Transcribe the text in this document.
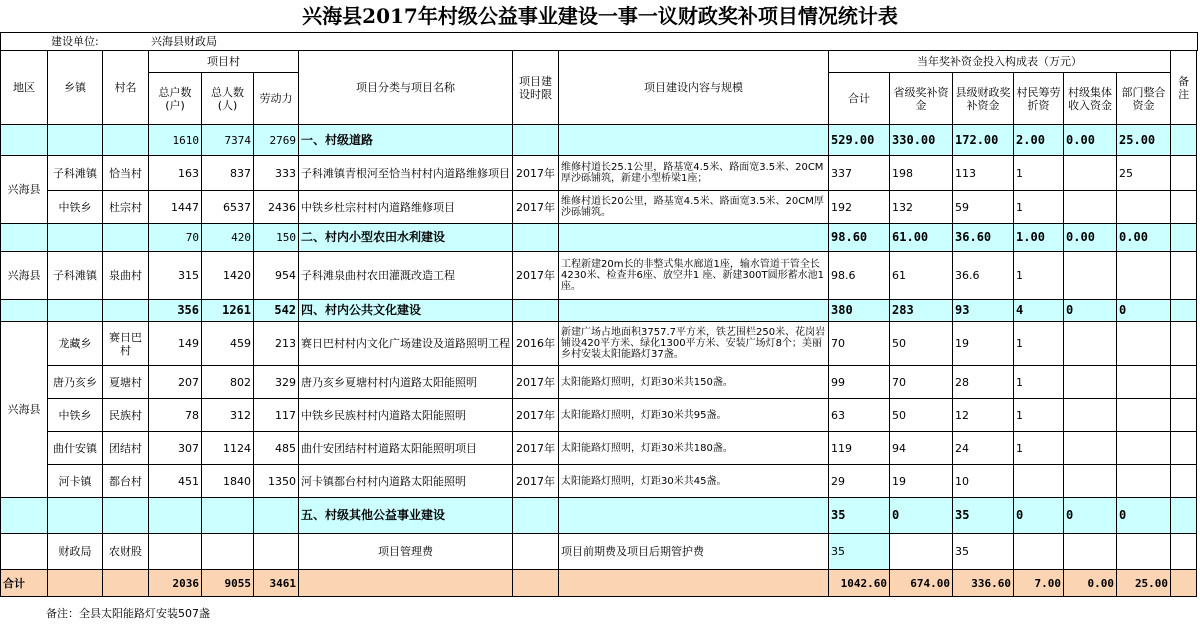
兴海县2017年村级公益事业建设一事一议财政奖补项目情况统计表
建设单位:	兴海县财政局
地区	乡镇	村名	项目村			项目分类与项目名称	项目建设时限	项目建设内容与规模	当年奖补资金投入构成表（万元）						备注
			总户数(户)	总人数(人)	劳动力				合计	省级奖补资金	县级财政奖补资金	村民筹劳折资	村级集体收入资金	部门整合资金	

			1610	7374	2769	一、村级道路			529.00	330.00	172.00	2.00	0.00	25.00	
兴海县	子科滩镇	恰当村	163	837	333	子科滩镇青根河至恰当村村内道路维修项目	2017年	维修村道长25.1公里，路基宽4.5米、路面宽3.5米、20CM厚沙砾铺筑，新建小型桥梁1座；	337	198	113	1		25	
	中铁乡	杜宗村	1447	6537	2436	中铁乡杜宗村村内道路维修项目	2017年	维修村道长20公里，路基宽4.5米、路面宽3.5米、20CM厚沙砾铺筑。	192	132	59	1			
			70	420	150	二、村内小型农田水利建设			98.60	61.00	36.60	1.00	0.00	0.00	
兴海县	子科滩镇	泉曲村	315	1420	954	子科滩泉曲村农田灌溉改造工程	2017年	工程新建20m长的非整式集水廊道1座，输水管道干管全长4230米、检查井6座、放空井1 座、新建300T圆形蓄水池1座。	98.6	61	36.6	1			
			356	1261	542	四、村内公共文化建设			380	283	93	4	0	0	
兴海县	龙藏乡	赛日巴村	149	459	213	赛日巴村村内文化广场建设及道路照明工程	2016年	新建广场占地面积3757.7平方米，铁艺围栏250米、花岗岩铺设420平方米、绿化1300平方米、安装广场灯8个；美丽乡村安装太阳能路灯37盏。	70	50	19	1			
	唐乃亥乡	夏塘村	207	802	329	唐乃亥乡夏塘村村内道路太阳能照明	2017年	太阳能路灯照明，灯距30米共150盏。	99	70	28	1			
	中铁乡	民族村	78	312	117	中铁乡民族村村内道路太阳能照明	2017年	太阳能路灯照明，灯距30米共95盏。	63	50	12	1			
	曲什安镇	团结村	307	1124	485	曲什安团结村村道路太阳能照明项目	2017年	太阳能路灯照明，灯距30米共180盏。	119	94	24	1			
	河卡镇	都台村	451	1840	1350	河卡镇都台村村内道路太阳能照明	2017年	太阳能路灯照明，灯距30米共45盏。	29	19	10				
						五、村级其他公益事业建设			35	0	35	0	0	0	
	财政局	农财股				项目管理费		项目前期费及项目后期管护费	35		35				
合计			2036	9055	3461				1042.60	674.00	336.60	7.00	0.00	25.00	
备注：全县太阳能路灯安装507盏
